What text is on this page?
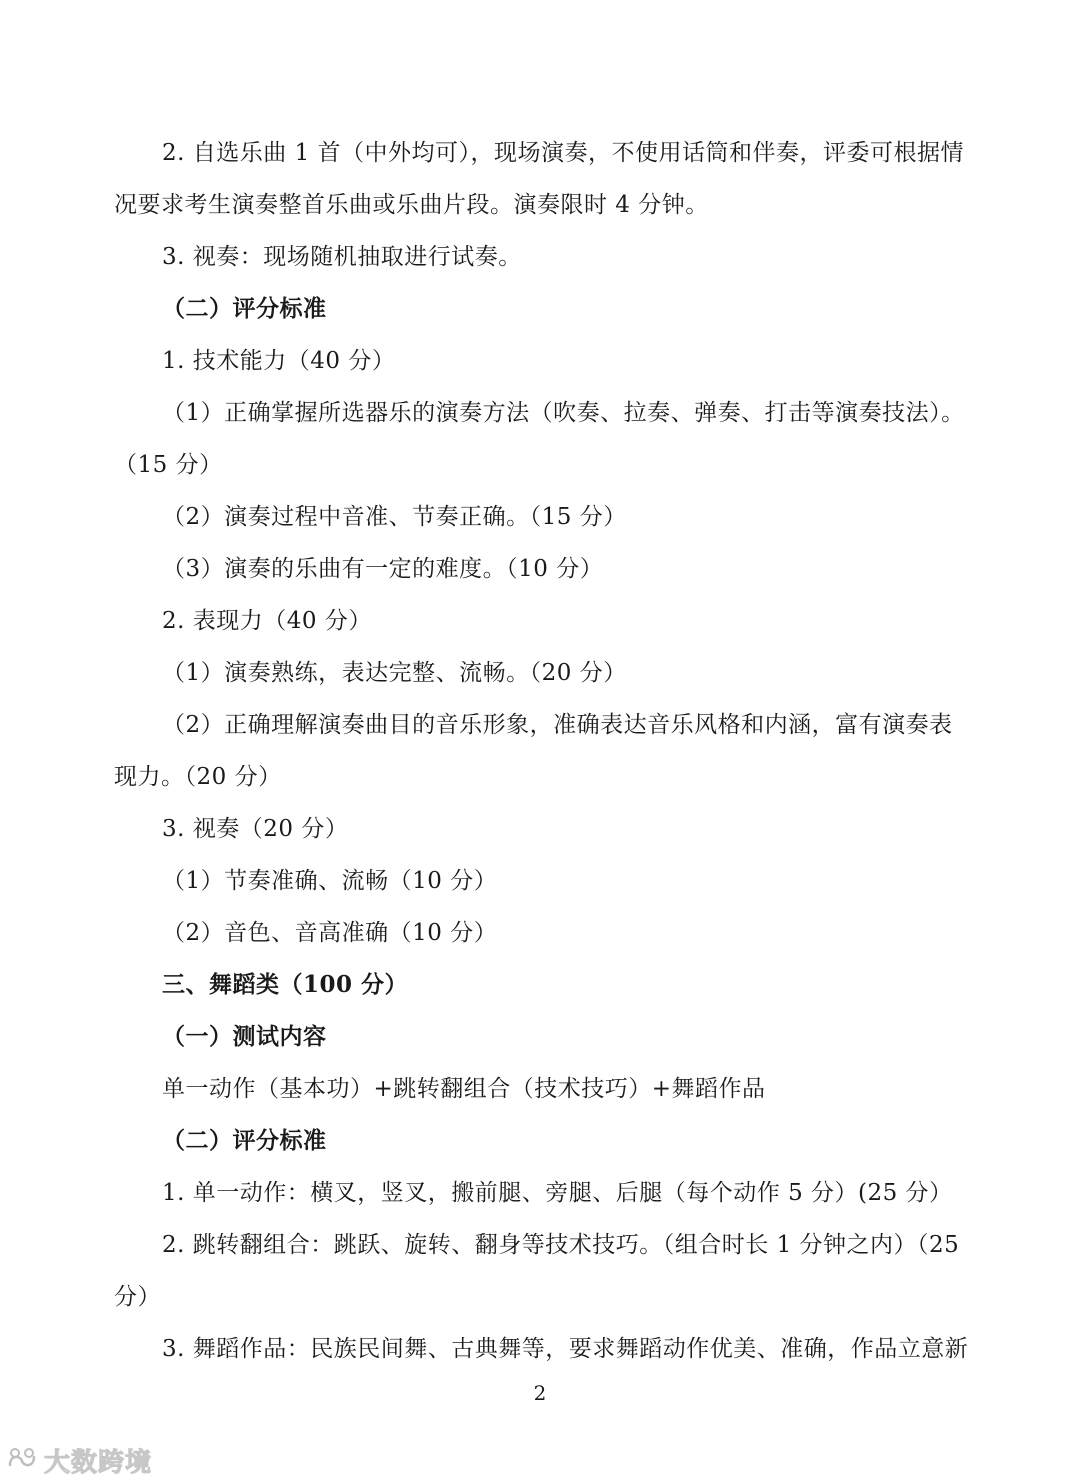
2. 自选乐曲 1 首（中外均可），现场演奏，不使用话筒和伴奏，评委可根据情
况要求考生演奏整首乐曲或乐曲片段。演奏限时 4 分钟。
3. 视奏：现场随机抽取进行试奏。
（二）评分标准
1. 技术能力（40 分）
（1）正确掌握所选器乐的演奏方法（吹奏、拉奏、弹奏、打击等演奏技法）。
（15 分）
（2）演奏过程中音准、节奏正确。（15 分）
（3）演奏的乐曲有一定的难度。（10 分）
2. 表现力（40 分）
（1）演奏熟练，表达完整、流畅。（20 分）
（2）正确理解演奏曲目的音乐形象，准确表达音乐风格和内涵，富有演奏表
现力。（20 分）
3. 视奏（20 分）
（1）节奏准确、流畅（10 分）
（2）音色、音高准确（10 分）
三、舞蹈类（100 分）
（一）测试内容
单一动作（基本功）+跳转翻组合（技术技巧）+舞蹈作品
（二）评分标准
1. 单一动作：横叉，竖叉，搬前腿、旁腿、后腿（每个动作 5 分）(25 分）
2. 跳转翻组合：跳跃、旋转、翻身等技术技巧。（组合时长 1 分钟之内）（25
分）
3. 舞蹈作品：民族民间舞、古典舞等，要求舞蹈动作优美、准确，作品立意新
2
大数跨境
